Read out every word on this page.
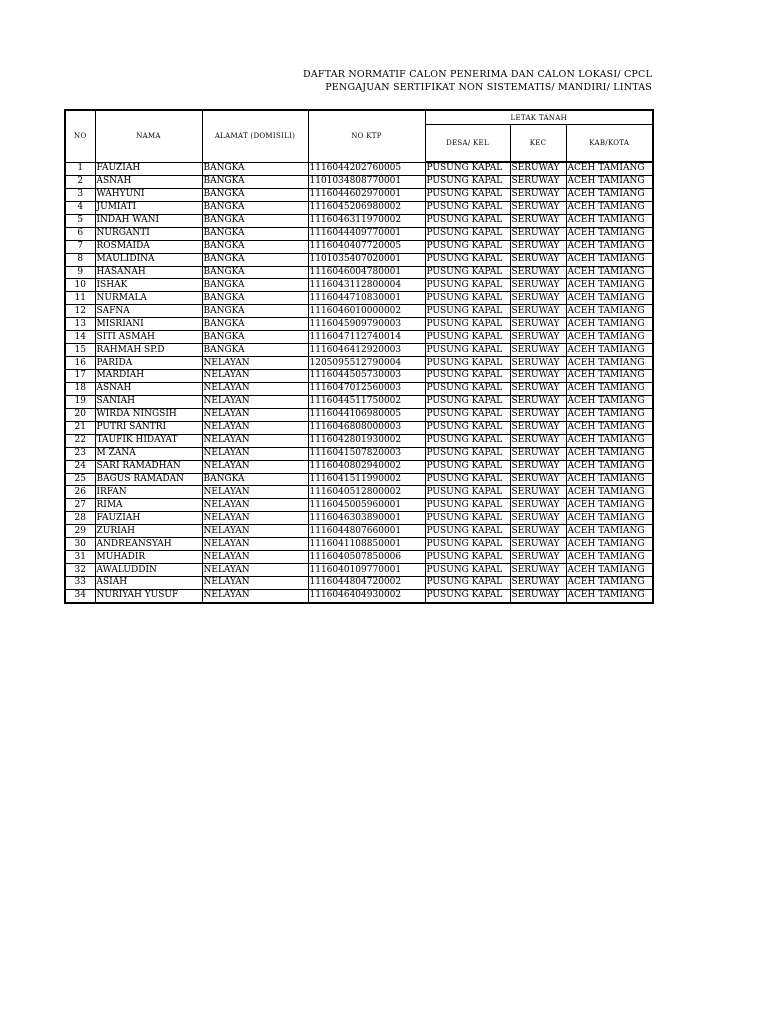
DAFTAR NORMATIF CALON PENERIMA DAN CALON LOKASI/ CPCL
PENGAJUAN SERTIFIKAT NON SISTEMATIS/ MANDIRI/ LINTAS
NO	NAMA	ALAMAT (DOMISILI)	NO KTP	LETAK TANAH		
				DESA/ KEL	KEC	KAB/KOTA
1	FAUZIAH	BANGKA	1116044202760005	PUSUNG KAPAL	SERUWAY	ACEH TAMIANG
2	ASNAH	BANGKA	1101034808770001	PUSUNG KAPAL	SERUWAY	ACEH TAMIANG
3	WAHYUNI	BANGKA	1116044602970001	PUSUNG KAPAL	SERUWAY	ACEH TAMIANG
4	JUMIATI	BANGKA	1116045206980002	PUSUNG KAPAL	SERUWAY	ACEH TAMIANG
5	INDAH WANI	BANGKA	1116046311970002	PUSUNG KAPAL	SERUWAY	ACEH TAMIANG
6	NURGANTI	BANGKA	1116044409770001	PUSUNG KAPAL	SERUWAY	ACEH TAMIANG
7	ROSMAIDA	BANGKA	1116040407720005	PUSUNG KAPAL	SERUWAY	ACEH TAMIANG
8	MAULIDINA	BANGKA	1101035407020001	PUSUNG KAPAL	SERUWAY	ACEH TAMIANG
9	HASANAH	BANGKA	1116046004780001	PUSUNG KAPAL	SERUWAY	ACEH TAMIANG
10	ISHAK	BANGKA	1116043112800004	PUSUNG KAPAL	SERUWAY	ACEH TAMIANG
11	NURMALA	BANGKA	1116044710830001	PUSUNG KAPAL	SERUWAY	ACEH TAMIANG
12	SAFNA	BANGKA	1116046010000002	PUSUNG KAPAL	SERUWAY	ACEH TAMIANG
13	MISRIANI	BANGKA	1116045909790003	PUSUNG KAPAL	SERUWAY	ACEH TAMIANG
14	SITI ASMAH	BANGKA	1116047112740014	PUSUNG KAPAL	SERUWAY	ACEH TAMIANG
15	RAHMAH SP.D	BANGKA	1116046412920003	PUSUNG KAPAL	SERUWAY	ACEH TAMIANG
16	PARIDA	NELAYAN	1205095512790004	PUSUNG KAPAL	SERUWAY	ACEH TAMIANG
17	MARDIAH	NELAYAN	1116044505730003	PUSUNG KAPAL	SERUWAY	ACEH TAMIANG
18	ASNAH	NELAYAN	1116047012560003	PUSUNG KAPAL	SERUWAY	ACEH TAMIANG
19	SANIAH	NELAYAN	1116044511750002	PUSUNG KAPAL	SERUWAY	ACEH TAMIANG
20	WIRDA NINGSIH	NELAYAN	1116044106980005	PUSUNG KAPAL	SERUWAY	ACEH TAMIANG
21	PUTRI SANTRI	NELAYAN	1116046808000003	PUSUNG KAPAL	SERUWAY	ACEH TAMIANG
22	TAUFIK HIDAYAT	NELAYAN	1116042801930002	PUSUNG KAPAL	SERUWAY	ACEH TAMIANG
23	M ZANA	NELAYAN	1116041507820003	PUSUNG KAPAL	SERUWAY	ACEH TAMIANG
24	SARI RAMADHAN	NELAYAN	1116040802940002	PUSUNG KAPAL	SERUWAY	ACEH TAMIANG
25	BAGUS RAMADAN	BANGKA	1116041511990002	PUSUNG KAPAL	SERUWAY	ACEH TAMIANG
26	IRFAN	NELAYAN	1116040512800002	PUSUNG KAPAL	SERUWAY	ACEH TAMIANG
27	RIMA	NELAYAN	1116045005960001	PUSUNG KAPAL	SERUWAY	ACEH TAMIANG
28	FAUZIAH	NELAYAN	1116046303890001	PUSUNG KAPAL	SERUWAY	ACEH TAMIANG
29	ZURIAH	NELAYAN	1116044807660001	PUSUNG KAPAL	SERUWAY	ACEH TAMIANG
30	ANDREANSYAH	NELAYAN	1116041108850001	PUSUNG KAPAL	SERUWAY	ACEH TAMIANG
31	MUHADIR	NELAYAN	1116040507850006	PUSUNG KAPAL	SERUWAY	ACEH TAMIANG
32	AWALUDDIN	NELAYAN	1116040109770001	PUSUNG KAPAL	SERUWAY	ACEH TAMIANG
33	ASIAH	NELAYAN	1116044804720002	PUSUNG KAPAL	SERUWAY	ACEH TAMIANG
34	NURIYAH YUSUF	NELAYAN	1116046404930002	PUSUNG KAPAL	SERUWAY	ACEH TAMIANG
